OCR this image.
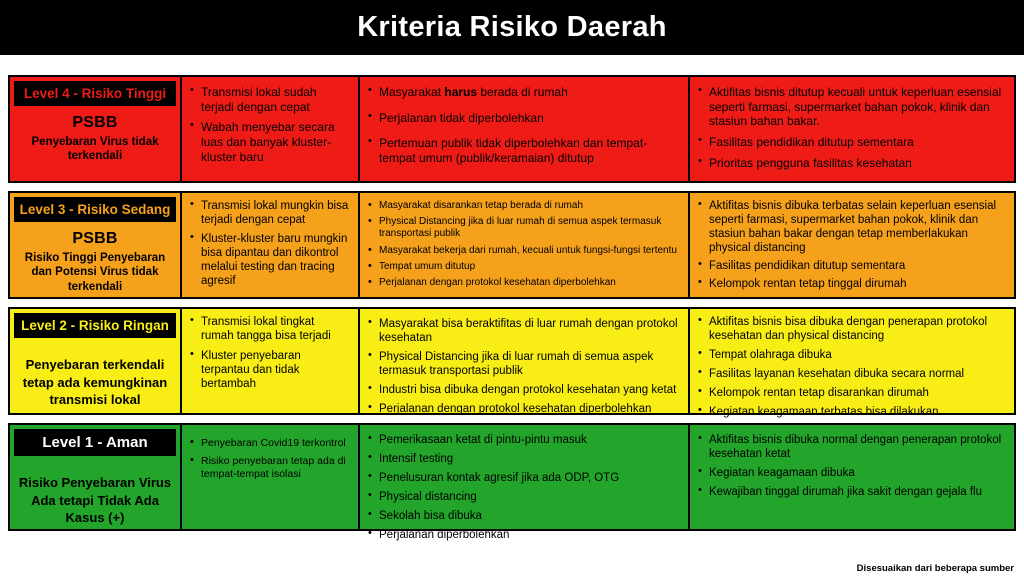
Kriteria Risiko Daerah
Level 4 - Risiko Tinggi
PSBB
Penyebaran Virus tidak terkendali
• Transmisi lokal sudah terjadi dengan cepat
• Wabah menyebar secara luas dan banyak kluster-kluster baru
• Masyarakat harus berada di rumah
• Perjalanan tidak diperbolehkan
• Pertemuan publik tidak diperbolehkan dan tempat-tempat umum (publik/keramaian) ditutup
• Aktifitas bisnis ditutup kecuali untuk keperluan esensial seperti farmasi, supermarket bahan pokok, klinik dan stasiun bahan bakar.
• Fasilitas pendidikan ditutup sementara
• Prioritas pengguna fasilitas kesehatan
Level 3 - Risiko Sedang
PSBB
Risiko Tinggi Penyebaran dan Potensi Virus tidak terkendali
• Transmisi lokal mungkin bisa terjadi dengan cepat
• Kluster-kluster baru mungkin bisa dipantau dan dikontrol melalui testing dan tracing agresif
• Masyarakat disarankan tetap berada di rumah
• Physical Distancing jika di luar rumah di semua aspek termasuk transportasi publik
• Masyarakat bekerja dari rumah, kecuali untuk fungsi-fungsi tertentu
• Tempat umum ditutup
• Perjalanan dengan protokol kesehatan diperbolehkan
• Aktifitas bisnis dibuka terbatas selain keperluan esensial seperti farmasi, supermarket bahan pokok, klinik dan stasiun bahan bakar dengan tetap memberlakukan physical distancing
• Fasilitas pendidikan ditutup sementara
• Kelompok rentan tetap tinggal dirumah
Level 2 - Risiko Ringan
Penyebaran terkendali tetap ada kemungkinan transmisi lokal
• Transmisi lokal tingkat rumah tangga bisa terjadi
• Kluster penyebaran terpantau dan tidak bertambah
• Masyarakat bisa beraktifitas di luar rumah dengan protokol kesehatan
• Physical Distancing jika di luar rumah di semua aspek termasuk transportasi publik
• Industri bisa dibuka dengan protokol kesehatan yang ketat
• Perjalanan dengan protokol kesehatan diperbolehkan
• Aktifitas bisnis bisa dibuka dengan penerapan protokol kesehatan dan physical distancing
• Tempat olahraga dibuka
• Fasilitas layanan kesehatan dibuka secara normal
• Kelompok rentan tetap disarankan dirumah
• Kegiatan keagamaan terbatas bisa dilakukan
Level 1 - Aman
Risiko Penyebaran Virus Ada tetapi Tidak Ada Kasus (+)
• Penyebaran Covid19 terkontrol
• Risiko penyebaran tetap ada di tempat-tempat isolasi
• Pemerikasaan ketat di pintu-pintu masuk
• Intensif testing
• Penelusuran kontak agresif jika ada ODP, OTG
• Physical distancing
• Sekolah bisa dibuka
• Perjalanan diperbolehkan
• Aktifitas bisnis dibuka normal dengan penerapan protokol kesehatan ketat
• Kegiatan keagamaan dibuka
• Kewajiban tinggal dirumah jika sakit dengan gejala flu
Disesuaikan dari beberapa sumber
